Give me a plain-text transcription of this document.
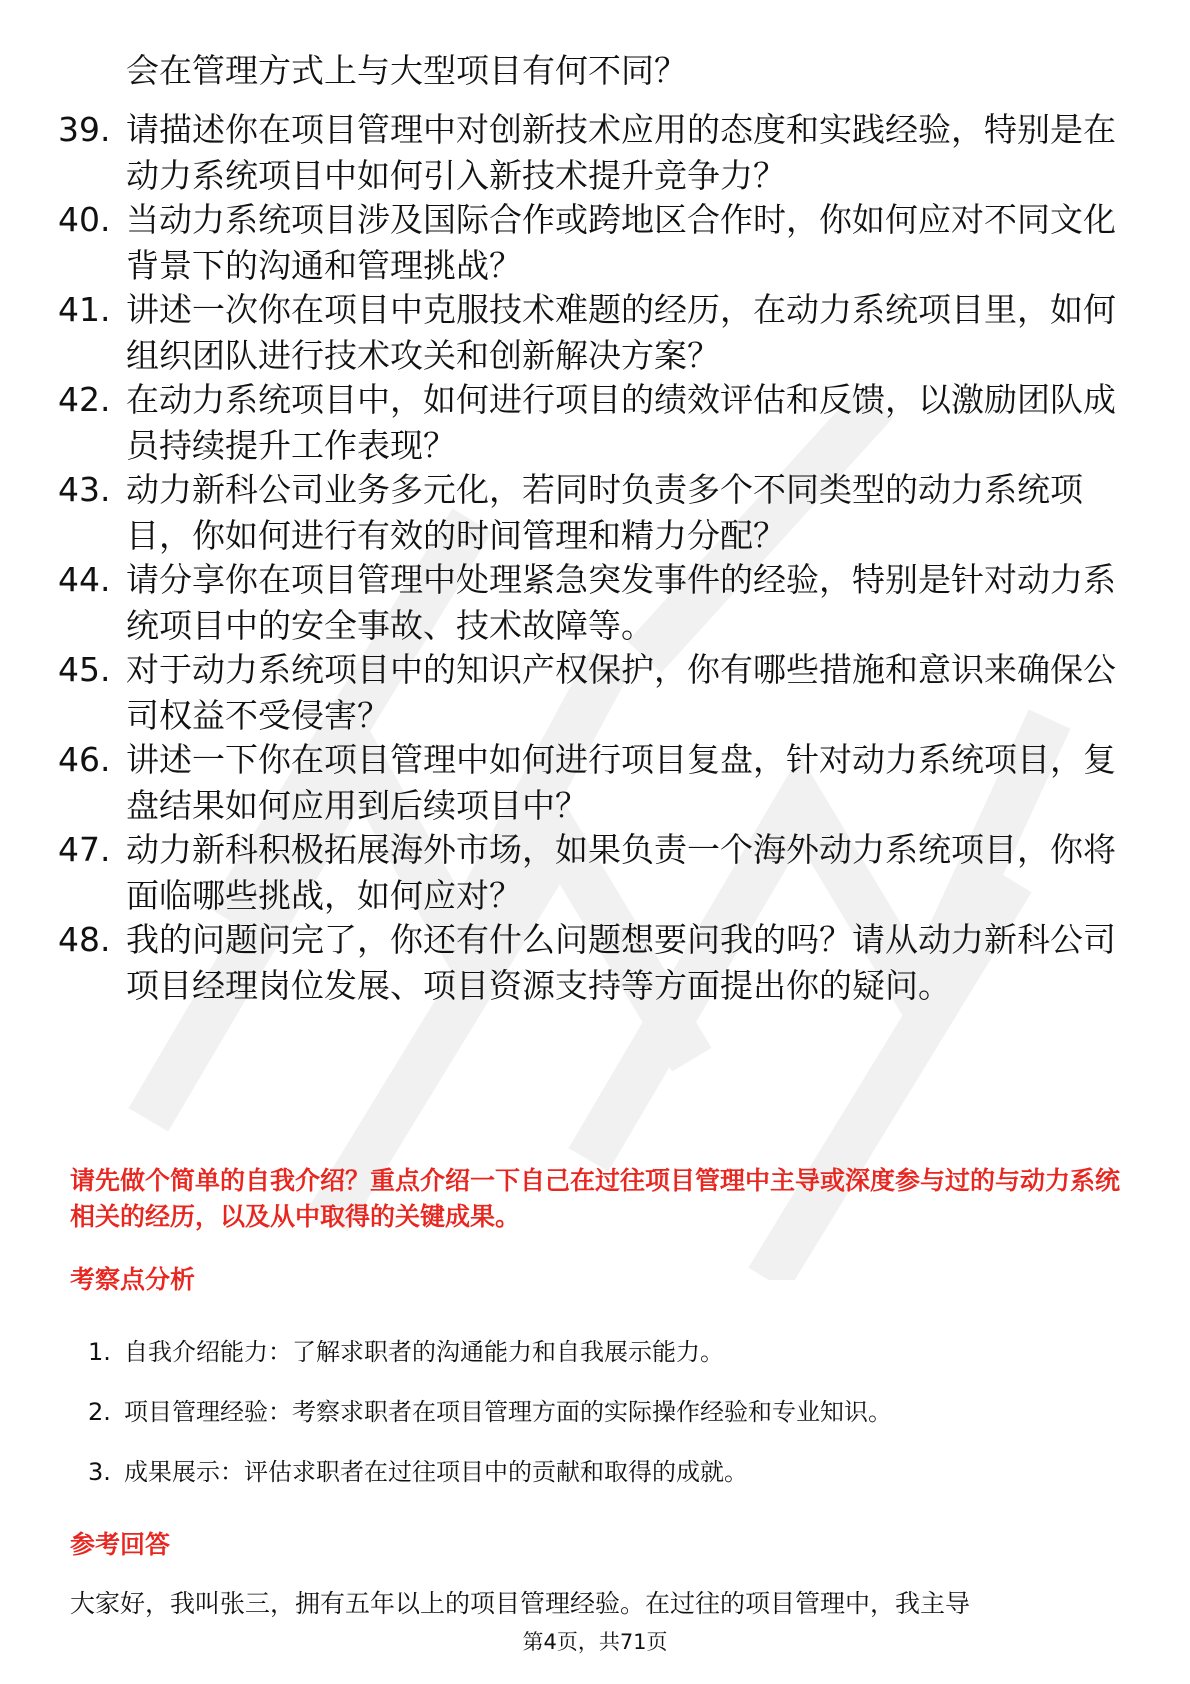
会在管理方式上与大型项目有何不同？
39. 请描述你在项目管理中对创新技术应用的态度和实践经验，特别是在动力系统项目中如何引入新技术提升竞争力？
40. 当动力系统项目涉及国际合作或跨地区合作时，你如何应对不同文化背景下的沟通和管理挑战？
41. 讲述一次你在项目中克服技术难题的经历，在动力系统项目里，如何组织团队进行技术攻关和创新解决方案？
42. 在动力系统项目中，如何进行项目的绩效评估和反馈，以激励团队成员持续提升工作表现？
43. 动力新科公司业务多元化，若同时负责多个不同类型的动力系统项目，你如何进行有效的时间管理和精力分配？
44. 请分享你在项目管理中处理紧急突发事件的经验，特别是针对动力系统项目中的安全事故、技术故障等。
45. 对于动力系统项目中的知识产权保护，你有哪些措施和意识来确保公司权益不受侵害？
46. 讲述一下你在项目管理中如何进行项目复盘，针对动力系统项目，复盘结果如何应用到后续项目中？
47. 动力新科积极拓展海外市场，如果负责一个海外动力系统项目，你将面临哪些挑战，如何应对？
48. 我的问题问完了，你还有什么问题想要问我的吗？请从动力新科公司项目经理岗位发展、项目资源支持等方面提出你的疑问。
请先做个简单的自我介绍？重点介绍一下自己在过往项目管理中主导或深度参与过的与动力系统相关的经历，以及从中取得的关键成果。
考察点分析
1. 自我介绍能力：了解求职者的沟通能力和自我展示能力。
2. 项目管理经验：考察求职者在项目管理方面的实际操作经验和专业知识。
3. 成果展示：评估求职者在过往项目中的贡献和取得的成就。
参考回答
大家好，我叫张三，拥有五年以上的项目管理经验。在过往的项目管理中，我主导
第4页，共71页
